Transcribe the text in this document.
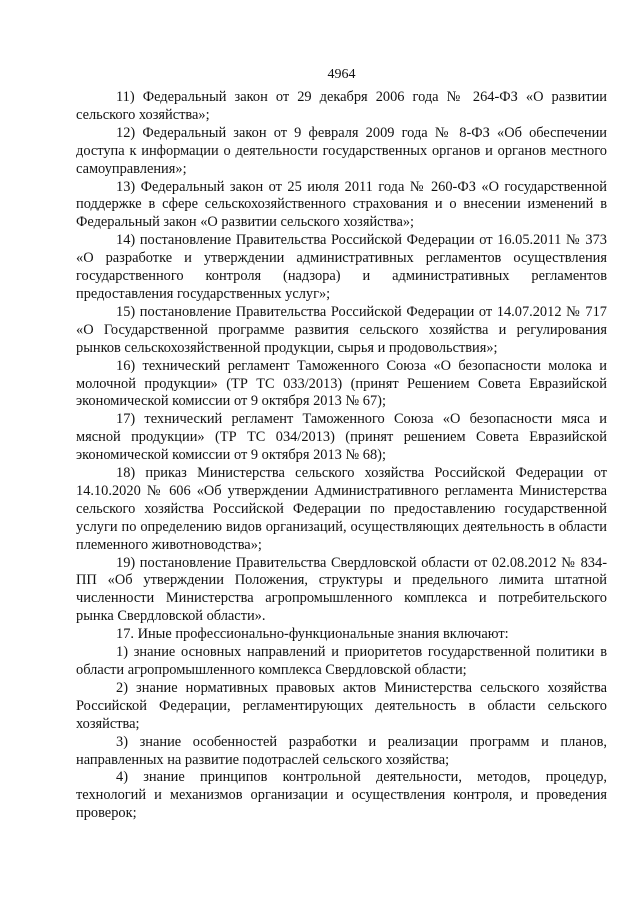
4964

11) Федеральный закон от 29 декабря 2006 года № 264-ФЗ «О развитии сельского хозяйства»;

12) Федеральный закон от 9 февраля 2009 года № 8-ФЗ «Об обеспечении доступа к информации о деятельности государственных органов и органов местного самоуправления»;

13) Федеральный закон от 25 июля 2011 года № 260-ФЗ «О государственной поддержке в сфере сельскохозяйственного страхования и о внесении изменений в Федеральный закон «О развитии сельского хозяйства»;

14) постановление Правительства Российской Федерации от 16.05.2011 № 373 «О разработке и утверждении административных регламентов осуществления государственного контроля (надзора) и административных регламентов предоставления государственных услуг»;

15) постановление Правительства Российской Федерации от 14.07.2012 № 717 «О Государственной программе развития сельского хозяйства и регулирования рынков сельскохозяйственной продукции, сырья и продовольствия»;

16) технический регламент Таможенного Союза «О безопасности молока и молочной продукции» (ТР ТС 033/2013) (принят Решением Совета Евразийской экономической комиссии от 9 октября 2013 № 67);

17) технический регламент Таможенного Союза «О безопасности мяса и мясной продукции» (ТР ТС 034/2013) (принят решением Совета Евразийской экономической комиссии от 9 октября 2013 № 68);

18) приказ Министерства сельского хозяйства Российской Федерации от 14.10.2020 № 606 «Об утверждении Административного регламента Министерства сельского хозяйства Российской Федерации по предоставлению государственной услуги по определению видов организаций, осуществляющих деятельность в области племенного животноводства»;

19) постановление Правительства Свердловской области от 02.08.2012 № 834-ПП «Об утверждении Положения, структуры и предельного лимита штатной численности Министерства агропромышленного комплекса и потребительского рынка Свердловской области».

17. Иные профессионально-функциональные знания включают:

1) знание основных направлений и приоритетов государственной политики в области агропромышленного комплекса Свердловской области;

2) знание нормативных правовых актов Министерства сельского хозяйства Российской Федерации, регламентирующих деятельность в области сельского хозяйства;

3) знание особенностей разработки и реализации программ и планов, направленных на развитие подотраслей сельского хозяйства;

4) знание принципов контрольной деятельности, методов, процедур, технологий и механизмов организации и осуществления контроля, и проведения проверок;
